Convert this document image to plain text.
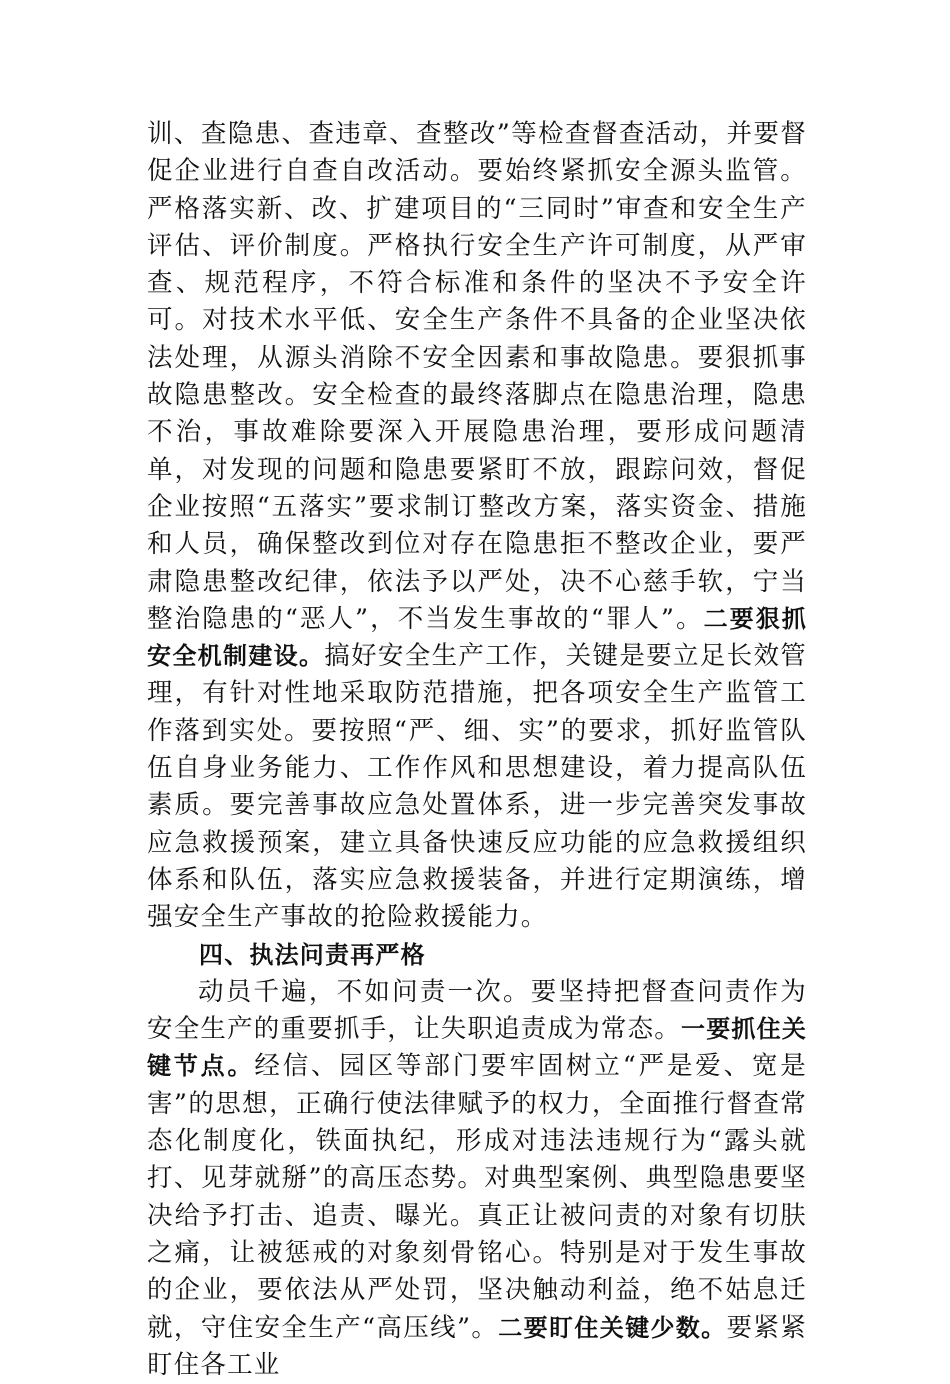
训、查隐患、查违章、查整改”等检查督查活动，并要督促企业进行自查自改活动。要始终紧抓安全源头监管。严格落实新、改、扩建项目的“三同时”审查和安全生产评估、评价制度。严格执行安全生产许可制度，从严审查、规范程序，不符合标准和条件的坚决不予安全许可。对技术水平低、安全生产条件不具备的企业坚决依法处理，从源头消除不安全因素和事故隐患。要狠抓事故隐患整改。安全检查的最终落脚点在隐患治理，隐患不治，事故难除要深入开展隐患治理，要形成问题清单，对发现的问题和隐患要紧盯不放，跟踪问效，督促企业按照“五落实”要求制订整改方案，落实资金、措施和人员，确保整改到位对存在隐患拒不整改企业，要严肃隐患整改纪律，依法予以严处，决不心慈手软，宁当整治隐患的“恶人”，不当发生事故的“罪人”。二要狠抓安全机制建设。搞好安全生产工作，关键是要立足长效管理，有针对性地采取防范措施，把各项安全生产监管工作落到实处。要按照“严、细、实”的要求，抓好监管队伍自身业务能力、工作作风和思想建设，着力提高队伍素质。要完善事故应急处置体系，进一步完善突发事故应急救援预案，建立具备快速反应功能的应急救援组织体系和队伍，落实应急救援装备，并进行定期演练，增强安全生产事故的抢险救援能力。

四、执法问责再严格

动员千遍，不如问责一次。要坚持把督查问责作为安全生产的重要抓手，让失职追责成为常态。一要抓住关键节点。经信、园区等部门要牢固树立“严是爱、宽是害”的思想，正确行使法律赋予的权力，全面推行督查常态化制度化，铁面执纪，形成对违法违规行为“露头就打、见芽就掰”的高压态势。对典型案例、典型隐患要坚决给予打击、追责、曝光。真正让被问责的对象有切肤之痛，让被惩戒的对象刻骨铭心。特别是对于发生事故的企业，要依法从严处罚，坚决触动利益，绝不姑息迁就，守住安全生产“高压线”。二要盯住关键少数。要紧紧盯住各工业
